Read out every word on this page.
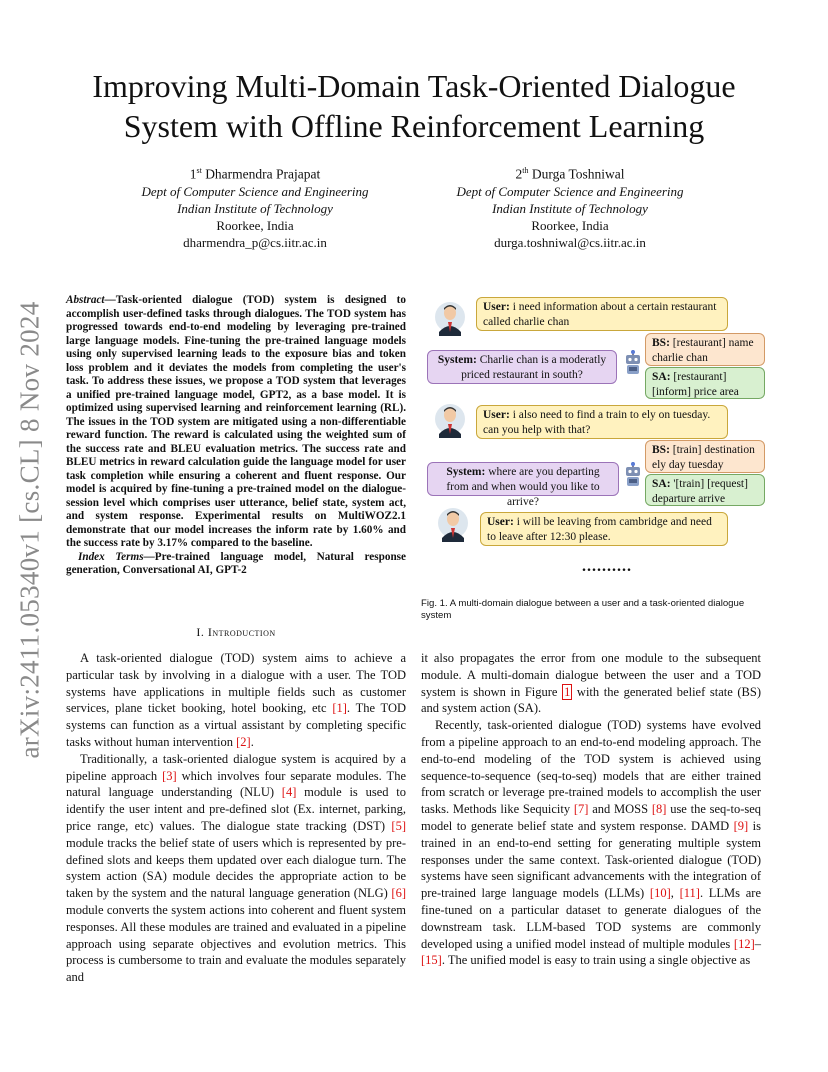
arXiv:2411.05340v1 [cs.CL] 8 Nov 2024
Improving Multi-Domain Task-Oriented Dialogue System with Offline Reinforcement Learning
1st Dharmendra Prajapat
Dept of Computer Science and Engineering
Indian Institute of Technology
Roorkee, India
dharmendra_p@cs.iitr.ac.in
2th Durga Toshniwal
Dept of Computer Science and Engineering
Indian Institute of Technology
Roorkee, India
durga.toshniwal@cs.iitr.ac.in

Abstract—Task-oriented dialogue (TOD) system is designed to accomplish user-defined tasks through dialogues. The TOD system has progressed towards end-to-end modeling by leveraging pre-trained large language models. Fine-tuning the pre-trained language models using only supervised learning leads to the exposure bias and token loss problem and it deviates the models from completing the user's task. To address these issues, we propose a TOD system that leverages a unified pre-trained language model, GPT2, as a base model. It is optimized using supervised learning and reinforcement learning (RL). The issues in the TOD system are mitigated using a non-differentiable reward function. The reward is calculated using the weighted sum of the success rate and BLEU evaluation metrics. The success rate and BLEU metrics in reward calculation guide the language model for user task completion while ensuring a coherent and fluent response. Our model is acquired by fine-tuning a pre-trained model on the dialogue-session level which comprises user utterance, belief state, system act, and system response. Experimental results on MultiWOZ2.1 demonstrate that our model increases the inform rate by 1.60% and the success rate by 3.17% compared to the baseline.

Index Terms—Pre-trained language model, Natural response generation, Conversational AI, GPT-2

User: i need information about a certain restaurant called charlie chan
BS: [restaurant] name charlie chan
System: Charlie chan is a moderatly priced restaurant in south?	SA: [restaurant] [inform] price area
User: i also need to find a train to ely on tuesday. can you help with that?
BS: [train] destination ely day tuesday
System: where are you departing from and when would you like to arrive?
SA: '[train] [request] departure arrive
User: i will be leaving from cambridge and need to leave after 12:30 please.
..........
Fig. 1. A multi-domain dialogue between a user and a task-oriented dialogue system
I. Introduction

A task-oriented dialogue (TOD) system aims to achieve a particular task by involving in a dialogue with a user. The TOD systems have applications in multiple fields such as customer services, plane ticket booking, hotel booking, etc [ 1 ] . The TOD systems can function as a virtual assistant by completing specific tasks without human intervention [ 2 ] .

Traditionally, a task-oriented dialogue system is acquired by a pipeline approach [ 3 ] which involves four separate modules. The natural language understanding (NLU) [ 4 ] module is used to identify the user intent and pre-defined slot (Ex. internet, parking, price range, etc) values. The dialogue state tracking (DST) [ 5 ] module tracks the belief state of users which is represented by pre-defined slots and keeps them updated over each dialogue turn. The system action (SA) module decides the appropriate action to be taken by the system and the natural language generation (NLG) [ 6 ] module converts the system actions into coherent and fluent system responses. All these modules are trained and evaluated in a pipeline approach using separate objectives and evolution metrics. This process is cumbersome to train and evaluate the modules separately and

it also propagates the error from one module to the subsequent module. A multi-domain dialogue between the user and a TOD system is shown in Figure 1 with the generated belief state (BS) and system action (SA).

Recently, task-oriented dialogue (TOD) systems have evolved from a pipeline approach to an end-to-end modeling approach. The end-to-end modeling of the TOD system is achieved using sequence-to-sequence (seq-to-seq) models that are either trained from scratch or leverage pre-trained models to accomplish the user tasks. Methods like Sequicity [ 7 ] and MOSS [ 8 ] use the seq-to-seq model to generate belief state and system response. DAMD [ 9 ] is trained in an end-to-end setting for generating multiple system responses under the same context. Task-oriented dialogue (TOD) systems have seen significant advancements with the integration of pre-trained large language models (LLMs) [ 10 ] , [ 11 ] . LLMs are fine-tuned on a particular dataset to generate dialogues of the downstream task. LLM-based TOD systems are commonly developed using a unified model instead of multiple modules [ 12 ] –[ 15 ] . The unified model is easy to train using a single objective as
